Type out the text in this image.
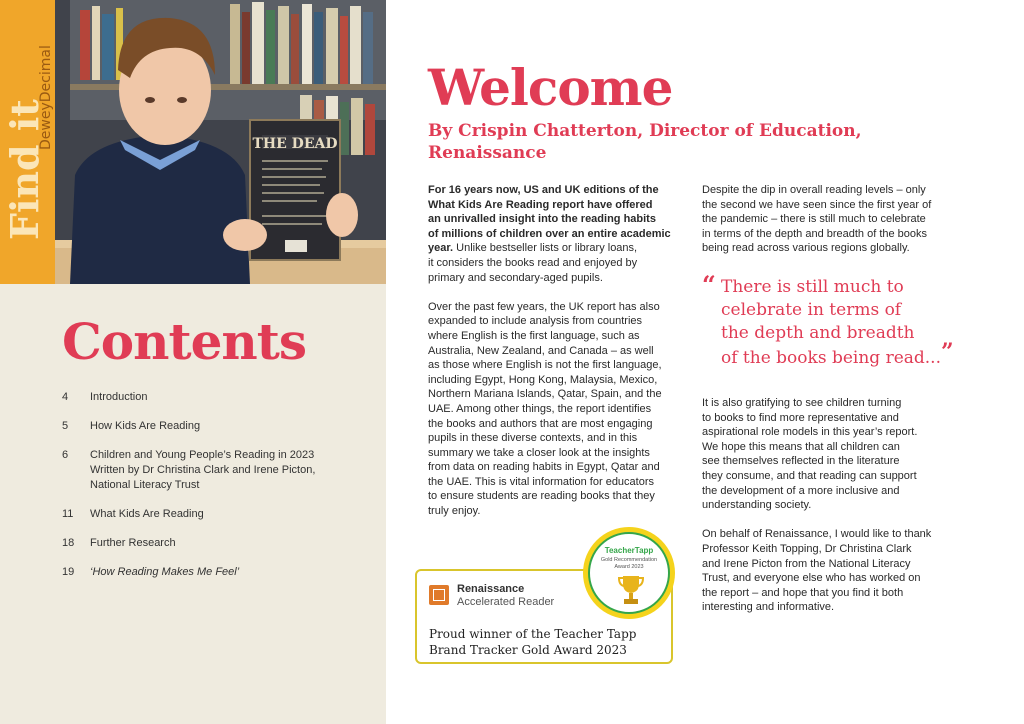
Find it
DeweyDecimal	THE DEAD
Contents
4	Introduction
5	How Kids Are Reading
6	Children and Young People’s Reading in 2023
Written by Dr Christina Clark and Irene Picton,
National Literacy Trust
11	What Kids Are Reading
18	Further Research
19	‘How Reading Makes Me Feel’
Welcome
By Crispin Chatterton, Director of Education,
Renaissance
For 16 years now, US and UK editions of the
What Kids Are Reading report have offered
an unrivalled insight into the reading habits
of millions of children over an entire academic
year. Unlike bestseller lists or library loans,
it considers the books read and enjoyed by
primary and secondary-aged pupils.
Over the past few years, the UK report has also
expanded to include analysis from countries
where English is the first language, such as
Australia, New Zealand, and Canada – as well
as those where English is not the first language,
including Egypt, Hong Kong, Malaysia, Mexico,
Northern Mariana Islands, Qatar, Spain, and the
UAE. Among other things, the report identifies
the books and authors that are most engaging
pupils in these diverse contexts, and in this
summary we take a closer look at the insights
from data on reading habits in Egypt, Qatar and
the UAE. This is vital information for educators
to ensure students are reading books that they
truly enjoy.
Despite the dip in overall reading levels – only
the second we have seen since the first year of
the pandemic – there is still much to celebrate
in terms of the depth and breadth of the books
being read across various regions globally.
It is also gratifying to see children turning
to books to find more representative and
aspirational role models in this year’s report.
We hope this means that all children can
see themselves reflected in the literature
they consume, and that reading can support
the development of a more inclusive and
understanding society.
On behalf of Renaissance, I would like to thank
Professor Keith Topping, Dr Christina Clark
and Irene Picton from the National Literacy
Trust, and everyone else who has worked on
the report – and hope that you find it both
interesting and informative.
“ There is still much to
celebrate in terms of
the depth and breadth
of the books being read...”
Renaissance
Accelerated Reader
Proud winner of the Teacher Tapp
Brand Tracker Gold Award 2023
TeacherTapp
Gold Recommendation
Award 2023
